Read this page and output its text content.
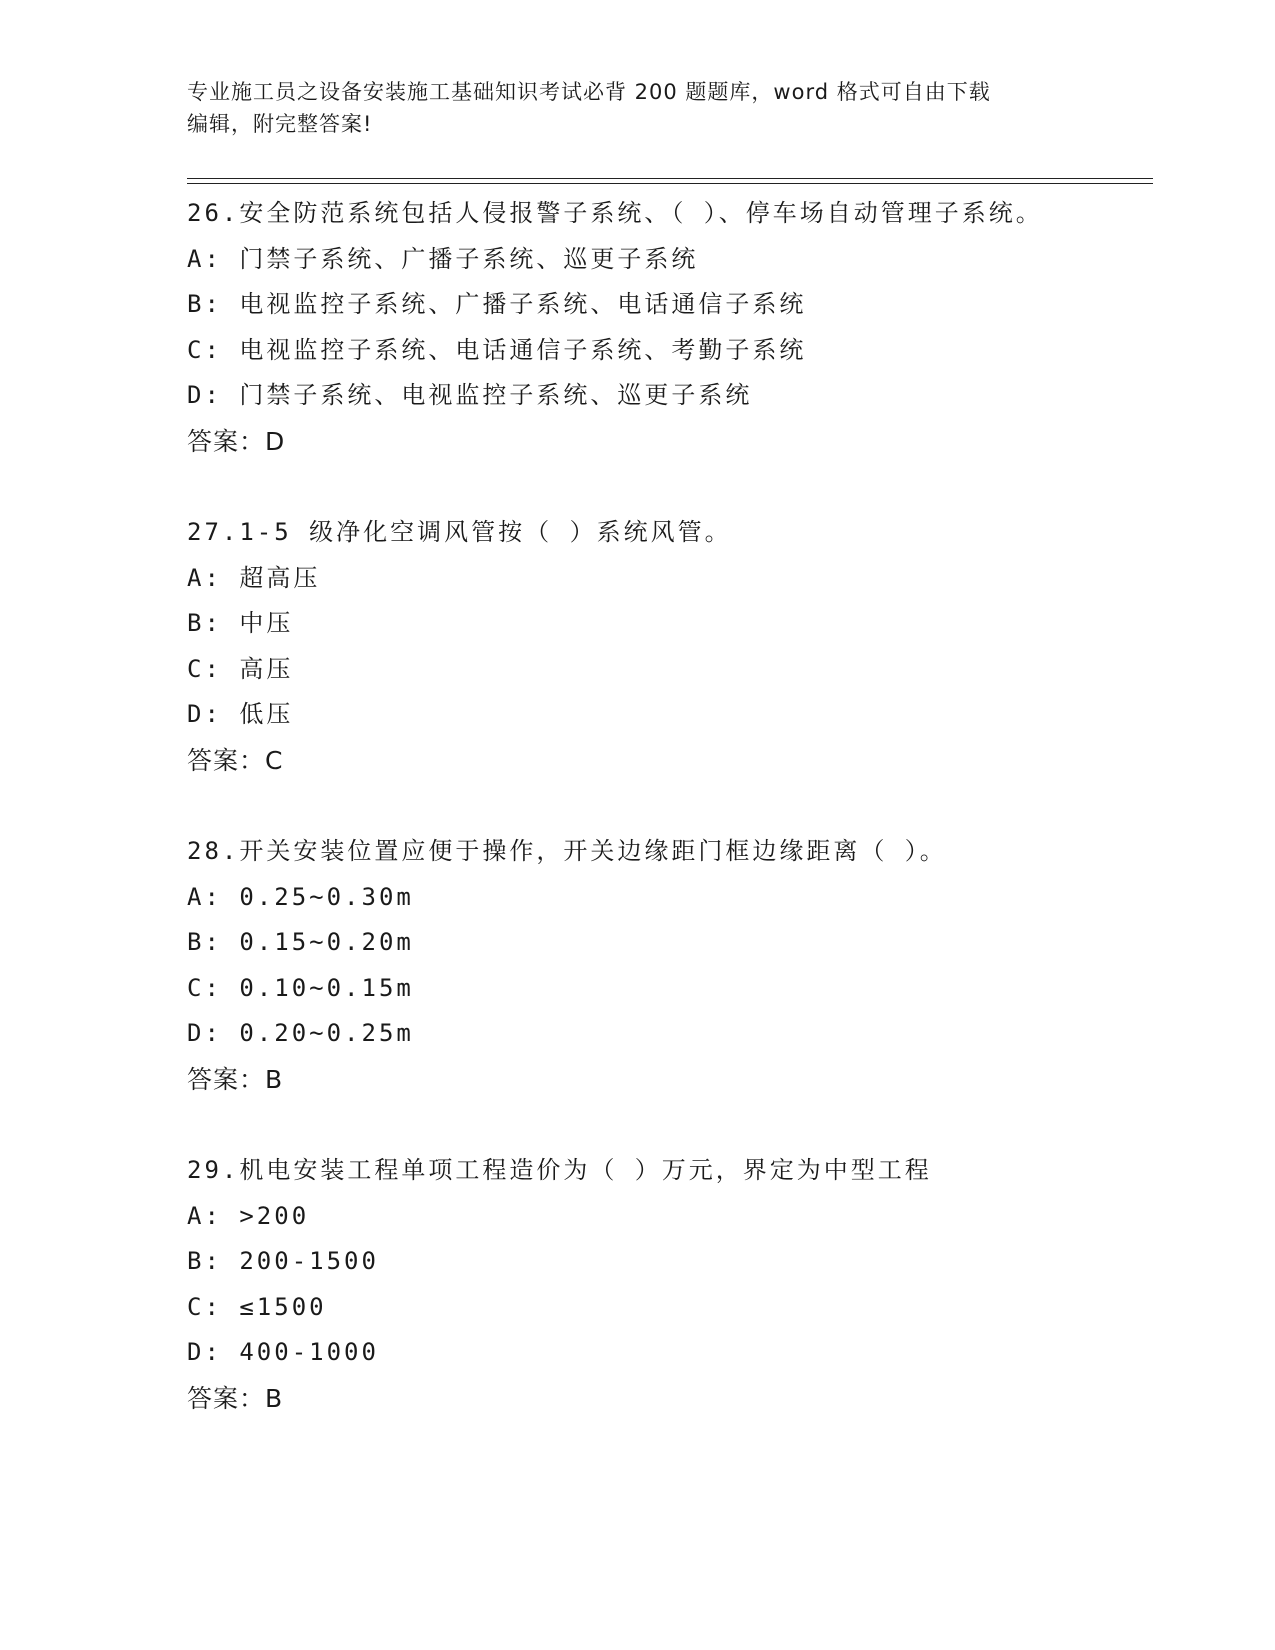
专业施工员之设备安装施工基础知识考试必背 200 题题库，word 格式可自由下载
编辑，附完整答案!
26.安全防范系统包括人侵报警子系统、（ ）、停车场自动管理子系统。
A: 门禁子系统、广播子系统、巡更子系统
B: 电视监控子系统、广播子系统、电话通信子系统
C: 电视监控子系统、电话通信子系统、考勤子系统
D: 门禁子系统、电视监控子系统、巡更子系统
答案：D
27.1-5 级净化空调风管按（ ）系统风管。
A: 超高压
B: 中压
C: 高压
D: 低压
答案：C
28.开关安装位置应便于操作，开关边缘距门框边缘距离（ ）。
A: 0.25~0.30m
B: 0.15~0.20m
C: 0.10~0.15m
D: 0.20~0.25m
答案：B
29.机电安装工程单项工程造价为（ ）万元，界定为中型工程
A: >200
B: 200-1500
C: ≤1500
D: 400-1000
答案：B
